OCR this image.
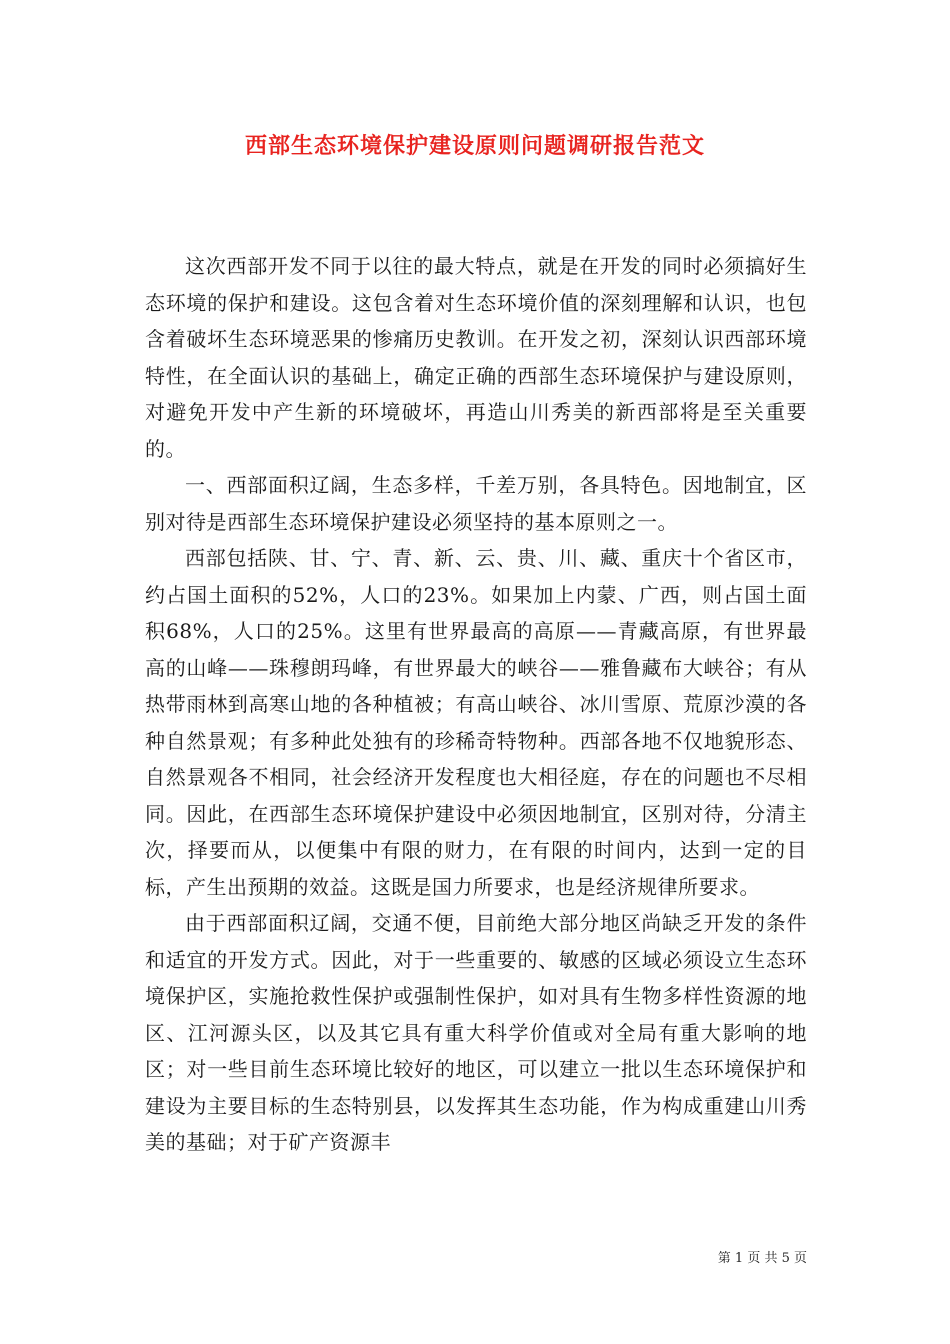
西部生态环境保护建设原则问题调研报告范文

这次西部开发不同于以往的最大特点，就是在开发的同时必须搞好生态环境的保护和建设。这包含着对生态环境价值的深刻理解和认识，也包含着破坏生态环境恶果的惨痛历史教训。在开发之初，深刻认识西部环境特性，在全面认识的基础上，确定正确的西部生态环境保护与建设原则，对避免开发中产生新的环境破坏，再造山川秀美的新西部将是至关重要的。

一、西部面积辽阔，生态多样，千差万别，各具特色。因地制宜，区别对待是西部生态环境保护建设必须坚持的基本原则之一。

西部包括陕、甘、宁、青、新、云、贵、川、藏、重庆十个省区市，约占国土面积的52%，人口的23%。如果加上内蒙、广西，则占国土面积68%，人口的25%。这里有世界最高的高原——青藏高原，有世界最高的山峰——珠穆朗玛峰，有世界最大的峡谷——雅鲁藏布大峡谷；有从热带雨林到高寒山地的各种植被；有高山峡谷、冰川雪原、荒原沙漠的各种自然景观；有多种此处独有的珍稀奇特物种。西部各地不仅地貌形态、自然景观各不相同，社会经济开发程度也大相径庭，存在的问题也不尽相同。因此，在西部生态环境保护建设中必须因地制宜，区别对待，分清主次，择要而从，以便集中有限的财力，在有限的时间内，达到一定的目标，产生出预期的效益。这既是国力所要求，也是经济规律所要求。

由于西部面积辽阔，交通不便，目前绝大部分地区尚缺乏开发的条件和适宜的开发方式。因此，对于一些重要的、敏感的区域必须设立生态环境保护区，实施抢救性保护或强制性保护，如对具有生物多样性资源的地区、江河源头区，以及其它具有重大科学价值或对全局有重大影响的地区；对一些目前生态环境比较好的地区，可以建立一批以生态环境保护和建设为主要目标的生态特别县，以发挥其生态功能，作为构成重建山川秀美的基础；对于矿产资源丰

第 1 页 共 5 页
